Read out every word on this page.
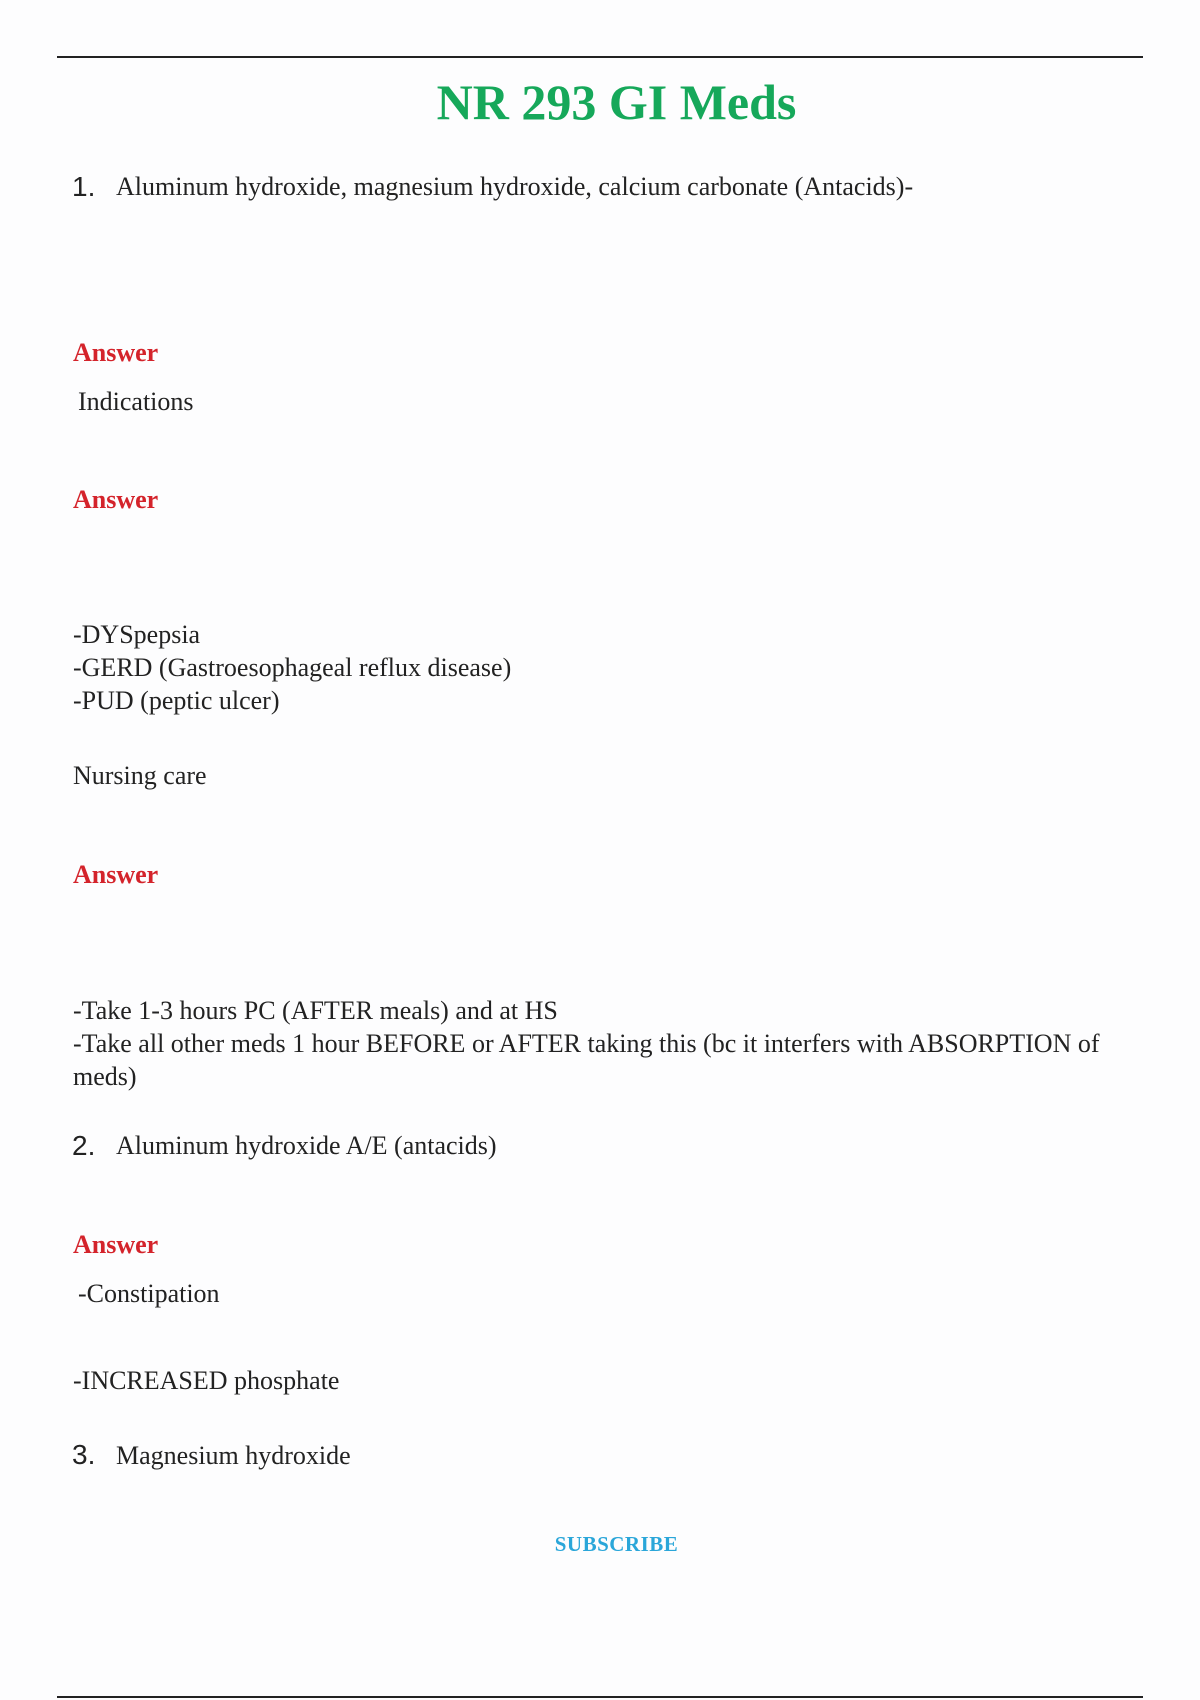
NR 293 GI Meds
1. Aluminum hydroxide, magnesium hydroxide, calcium carbonate (Antacids)-
Answer
Indications
Answer
-DYSpepsia
-GERD (Gastroesophageal reflux disease)
-PUD (peptic ulcer)
Nursing care
Answer
-Take 1-3 hours PC (AFTER meals) and at HS
-Take all other meds 1 hour BEFORE or AFTER taking this (bc it interfers with ABSORPTION of meds)
2. Aluminum hydroxide A/E (antacids)
Answer
-Constipation
-INCREASED phosphate
3. Magnesium hydroxide
SUBSCRIBE
